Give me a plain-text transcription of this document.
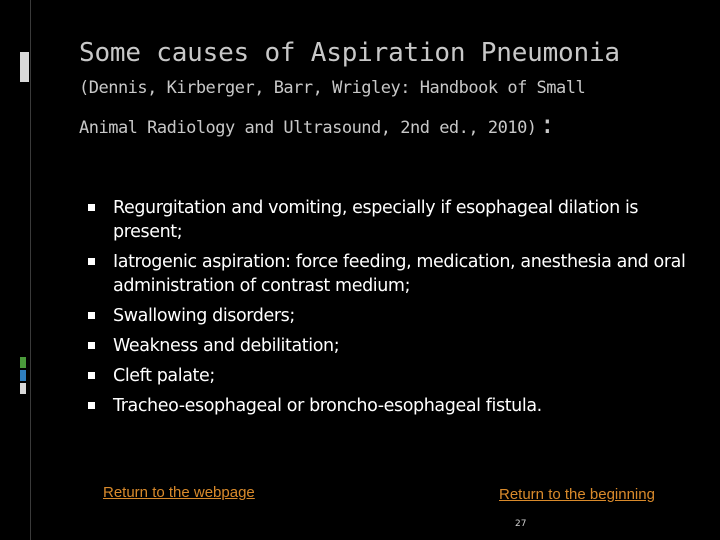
Some causes of Aspiration Pneumonia
(Dennis, Kirberger, Barr, Wrigley: Handbook of Small
Animal Radiology and Ultrasound, 2nd ed., 2010) :
Regurgitation and vomiting, especially if esophageal dilation is present;
Iatrogenic aspiration: force feeding, medication, anesthesia and oral administration of contrast medium;
Swallowing disorders;
Weakness and debilitation;
Cleft palate;
Tracheo-esophageal or broncho-esophageal fistula.
Return to the webpage	Return to the beginning
27
